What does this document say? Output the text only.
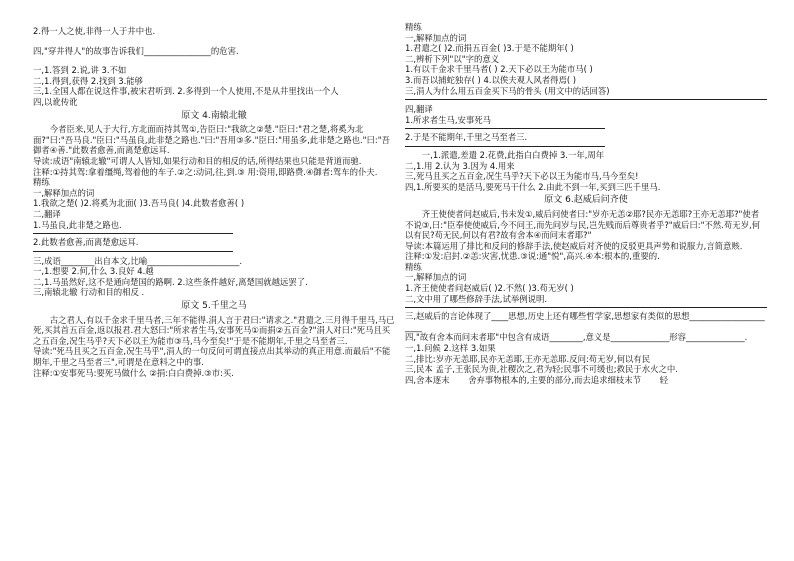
2.得一人之使,非得一人于井中也.

四,"穿井得人"的故事告诉我们________________的危害.

一,1.答到 2.说,讲 3.不如

二,1.得到,获得 2.找到 3.能够

三,1.全国人都在说这件事,被宋君听到. 2.多得到一个人使用,不是从井里找出一个人

四,以讹传讹

原文 4.南辕北辙

今者臣来,见人于大行,方北面而持其驾①,告臣曰:"我欲之②楚."臣曰:"君之楚,将奚为北面?"曰:"吾马良."臣曰:"马虽良,此非楚之路也."曰:"吾用③多."臣曰:"用虽多,此非楚之路也."曰:"吾御者④善."此数者愈善,而离楚愈远耳.

导读:成语"南辕北辙"可谓人人皆知,如果行动和目的相反的话,所得结果也只能是背道而驰.

注释:①持其驾:拿着缰绳,驾着他的车子.②之:动词,往,到.③ 用:资用,即路费.④御者:驾车的仆夫.

精练

一,解释加点的词

1.我欲之楚( )2.将奚为北面( )3.吾马良( )4.此数者愈善( )

二,翻译

1.马虽良,此非楚之路也.

2.此数者愈善,而离楚愈远耳.

三,成语________出自本文,比喻______________________.

一,1.想要 2.何,什么 3.良好 4.越

二,1.马虽然好,这不是通向楚国的路啊. 2.这些条件越好,离楚国就越远罢了.

三,南辕北辙 行动和目的相反 .

原文 5.千里之马

古之君人,有以千金求千里马者,三年不能得.涓人言于君曰:"请求之."君遣之.三月得千里马,马已死,买其首五百金,返以报君.君大怒曰:"所求者生马,安事死马①而捐②五百金?"涓人对曰:"死马且买之五百金,况生马乎?天下必以王为能市③马,马今至矣!"于是不能期年,千里之马至者三.

导读:"死马且买之五百金,况生马乎",涓人的一句反问可谓直接点出其举动的真正用意.而最后"不能期年,千里之马至者三",可谓是在意料之中的事.

注释:①安事死马:要死马做什么 ②捐:白白费掉.③市:买.

精练

一,解释加点的词

1.君遣之( )2.而捐五百金( )3.于是不能期年( )

二,辨析下列"以"字的意义

1.有以千金求千里马者( ) 2.天下必以王为能市马( )

3.而吾以捕蛇独存( ) 4.以俟夫观人风者得焉( )

三,涓人为什么用五百金买下马的骨头 (用文中的话回答)

四,翻译

1.所求者生马,安事死马

2.于是不能期年,千里之马至者三.

一,1.派遣,差遣 2.花费,此指白白费掉 3.一年,周年

二,1.用 2.认为 3.因为 4.用来

三,死马且买之五百金,况生马乎?天下必以王为能市马,马今至矣!

四,1.所要买的是活马,要死马干什么 2.由此不到一年,买到三匹千里马.

原文 6.赵威后问齐使

齐王使使者问赵威后,书未发①,威后问使者曰:"岁亦无恙②耶?民亦无恙耶?王亦无恙耶?"使者不说③,曰:"臣奉使使威后,今不问王,而先问岁与民,岂先贱而后尊贵者乎?"威后曰:"不然.苟无岁,何以有民?苟无民,何以有君?故有舍本④而问末者耶?"

导读:本篇运用了排比和反问的修辞手法,使赵威后对齐使的反驳更具声势和说服力,言简意赅.

注释:①发:启封.②恙:灾害,忧患.③说:通"悦",高兴.④本:根本的,重要的.

精练

一,解释加点的词

1.齐王使使者问赵威后( )2.不然( )3.苟无岁( )

二,文中用了哪些修辞手法,试举例说明.

三,赵威后的言论体现了____思想,历史上还有哪些哲学家,思想家有类似的思想______________________

四,"故有舍本而问末者耶"中包含有成语________,意义是______________形容______________.

一,1.问候 2.这样 3.如果

二,排比:岁亦无恙耶,民亦无恙耶,王亦无恙耶.反问:苟无岁,何以有民

三,民本 孟子,王张民为贵,社稷次之,君为轻;民事不可缓也;救民于水火之中.

四,舍本逐末       舍弃事物根本的,主要的部分,而去追求细枝末节       轻
